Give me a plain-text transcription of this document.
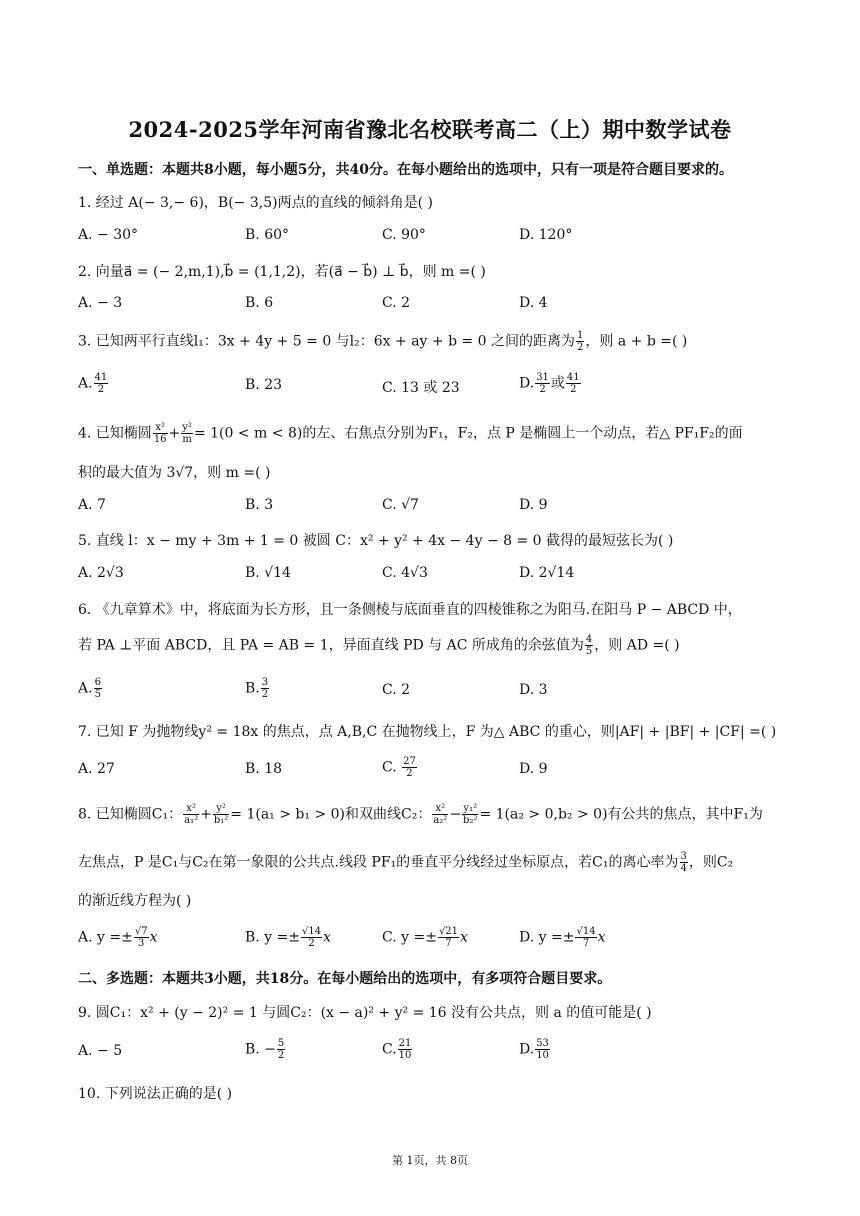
2024-2025学年河南省豫北名校联考高二（上）期中数学试卷
一、单选题：本题共8小题，每小题5分，共40分。在每小题给出的选项中，只有一项是符合题目要求的。
1. 经过 A(− 3,− 6)，B(− 3,5)两点的直线的倾斜角是( )
A. − 30°	B. 60°	C. 90°	D. 120°
2. 向量a⃗ = (− 2,m,1),b⃗ = (1,1,2)，若(a⃗ − b⃗) ⊥ b⃗，则 m =( )
A. − 3	B. 6	C. 2	D. 4
3. 已知两平行直线l₁：3x + 4y + 5 = 0 与l₂：6x + ay + b = 0 之间的距离为 $\frac{1}{2}$ ，则 a + b =( )
A. $\frac{41}{2}$	B. 23	C. 13 或 23	D. $\frac{31}{2}$ 或 $\frac{41}{2}$
4. 已知椭圆 $\frac{\text{x²}}{16} + \frac{\text{y²}}{m} = 1(0 < m < 8)$的左、右焦点分别为F₁，F₂，点 P 是椭圆上一个动点，若△ PF₁F₂的面
积的最大值为 3√7，则 m =( )
A. 7	B. 3	C. √7	D. 9
5. 直线 l：x − my + 3m + 1 = 0 被圆 C：x² + y² + 4x − 4y − 8 = 0 截得的最短弦长为( )
A. 2√3	B. √14	C. 4√3	D. 2√14
6. 《九章算术》中，将底面为长方形，且一条侧棱与底面垂直的四棱锥称之为阳马.在阳马 P − ABCD 中，
若 PA ⊥平面 ABCD，且 PA = AB = 1，异面直线 PD 与 AC 所成角的余弦值为 $\frac{4}{5}$ ，则 AD =( )
A. $\frac{6}{5}$	B. $\frac{3}{2}$	C. 2	D. 3
7. 已知 F 为抛物线y² = 18x 的焦点，点 A,B,C 在抛物线上，F 为△ ABC 的重心，则|AF| + |BF| + |CF| =( )
A. 27	B. 18	C. $\frac{27}{2}$	D. 9
8. 已知椭圆C₁： $\frac{\text{x²}}{\text{a₁²}} + \frac{\text{y²}}{\text{b₁²}} = 1(a_1 > b_1 > 0)$和双曲线C₂： $\frac{\text{x²}}{\text{a₂²}} - \frac{\text{y₁²}}{\text{b₂²}} = 1(a_2 > 0,b_2 > 0)$有公共的焦点，其中F₁为
左焦点，P 是C₁与C₂在第一象限的公共点.线段 PF₁的垂直平分线经过坐标原点，若C₁的离心率为 $\frac{3}{4}$ ，则C₂
的渐近线方程为( )
A. $y =\pm \frac{√7}{3}$ x	B. $y =\pm \frac{√14}{2}$ x	C. $y =\pm \frac{√21}{7}$ x	D. $y =\pm \frac{√14}{7}$ x
二、多选题：本题共3小题，共18分。在每小题给出的选项中，有多项符合题目要求。
9. 圆C₁：x² + (y − 2)² = 1 与圆C₂：(x − a)² + y² = 16 没有公共点，则 a 的值可能是( )
A. − 5	B. − $\frac{5}{2}$	C. $\frac{21}{10}$	D. $\frac{53}{10}$
10. 下列说法正确的是( )
第 1页，共 8页
